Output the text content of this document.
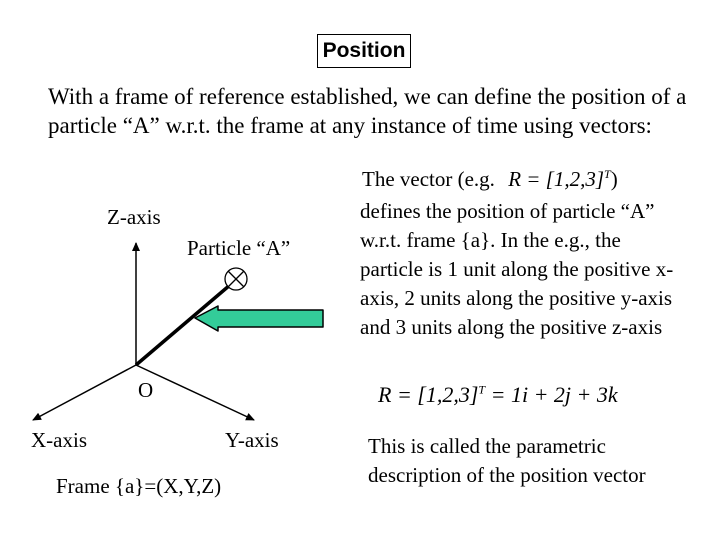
Position
With a frame of reference established, we can define the position of a particle “A” w.r.t. the frame at any instance of time using vectors:
Z-axis
Particle “A”
O
X-axis	Y-axis
Frame {a}=(X,Y,Z)
The vector (e.g. $R = [1,2,3]^T$)
defines the position of particle “A” w.r.t. frame {a}. In the e.g., the particle is 1 unit along the positive x-axis, 2 units along the positive y-axis and 3 units along the positive z-axis
$R = [1,2,3]^T = 1i + 2j + 3k$
This is called the parametric description of the position vector
